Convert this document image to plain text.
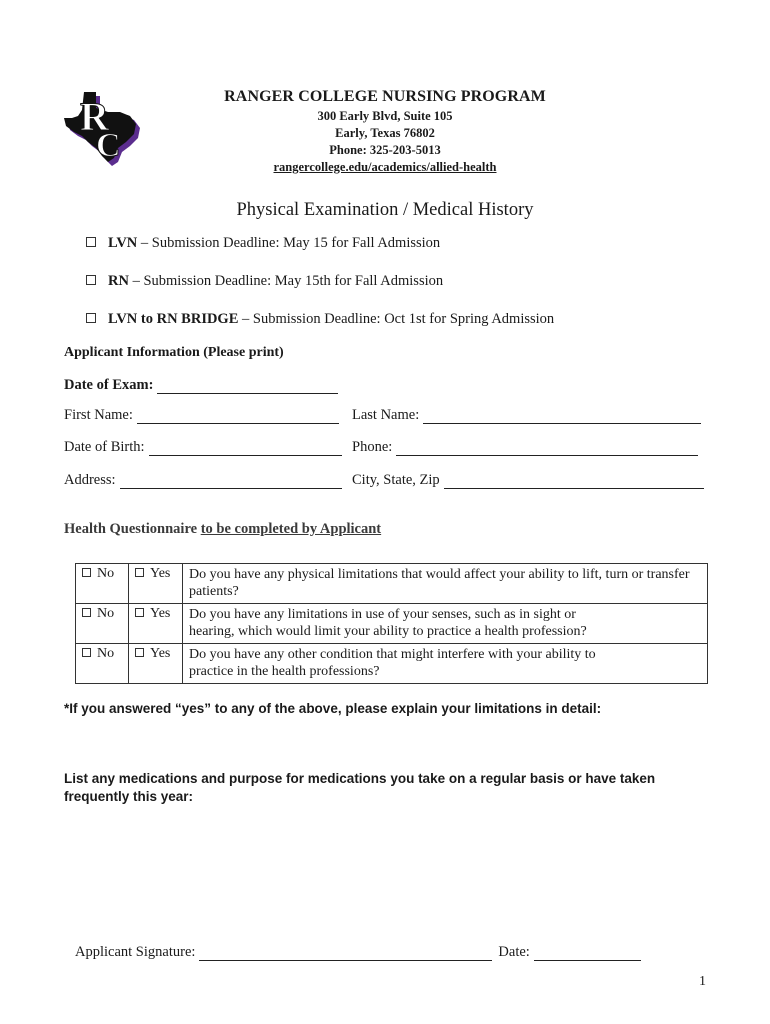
R
C
RANGER COLLEGE NURSING PROGRAM
300 Early Blvd, Suite 105
Early, Texas 76802
Phone: 325-203-5013
rangercollege.edu/academics/allied-health
Physical Examination / Medical History
LVN – Submission Deadline: May 15 for Fall Admission
RN – Submission Deadline: May 15th for Fall Admission
LVN to RN BRIDGE – Submission Deadline: Oct 1st for Spring Admission
Applicant Information (Please print)
Date of Exam:
First Name:	Last Name:
Date of Birth:	Phone:
Address:	City, State, Zip
Health Questionnaire to be completed by Applicant
No	Yes	Do you have any physical limitations that would affect your ability to lift, turn or transfer patients?
No	Yes	Do you have any limitations in use of your senses, such as in sight or hearing, which would limit your ability to practice a health profession?
No	Yes	Do you have any other condition that might interfere with your ability to practice in the health professions?
*If you answered “yes” to any of the above, please explain your limitations in detail:
List any medications and purpose for medications you take on a regular basis or have taken frequently this year:
Applicant Signature:	Date:
1
